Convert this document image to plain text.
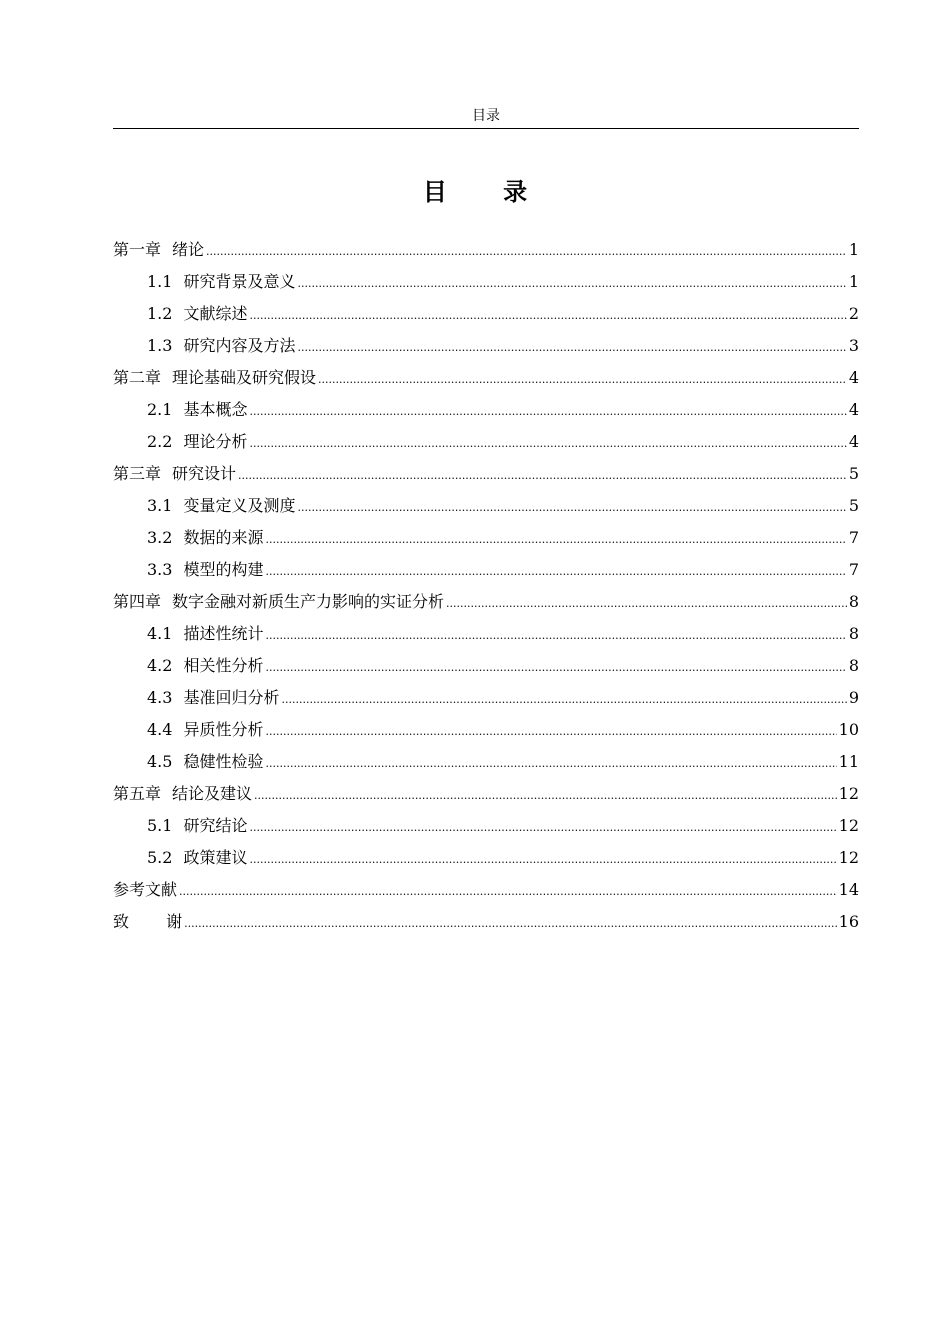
目录
目 录
第一章 绪论 .....	1
1.1 研究背景及意义 .....	1
1.2 文献综述 .....	2
1.3 研究内容及方法 .....	3
第二章 理论基础及研究假设 .....	4
2.1 基本概念 .....	4
2.2 理论分析 .....	4
第三章 研究设计 .....	5
3.1 变量定义及测度 .....	5
3.2 数据的来源 .....	7
3.3 模型的构建 .....	7
第四章 数字金融对新质生产力影响的实证分析 .....	8
4.1 描述性统计 .....	8
4.2 相关性分析 .....	8
4.3 基准回归分析 .....	9
4.4 异质性分析 .....	10
4.5 稳健性检验 .....	11
第五章 结论及建议 .....	12
5.1 研究结论 .....	12
5.2 政策建议 .....	12
参考文献 .....	14
致 谢 .....	16
